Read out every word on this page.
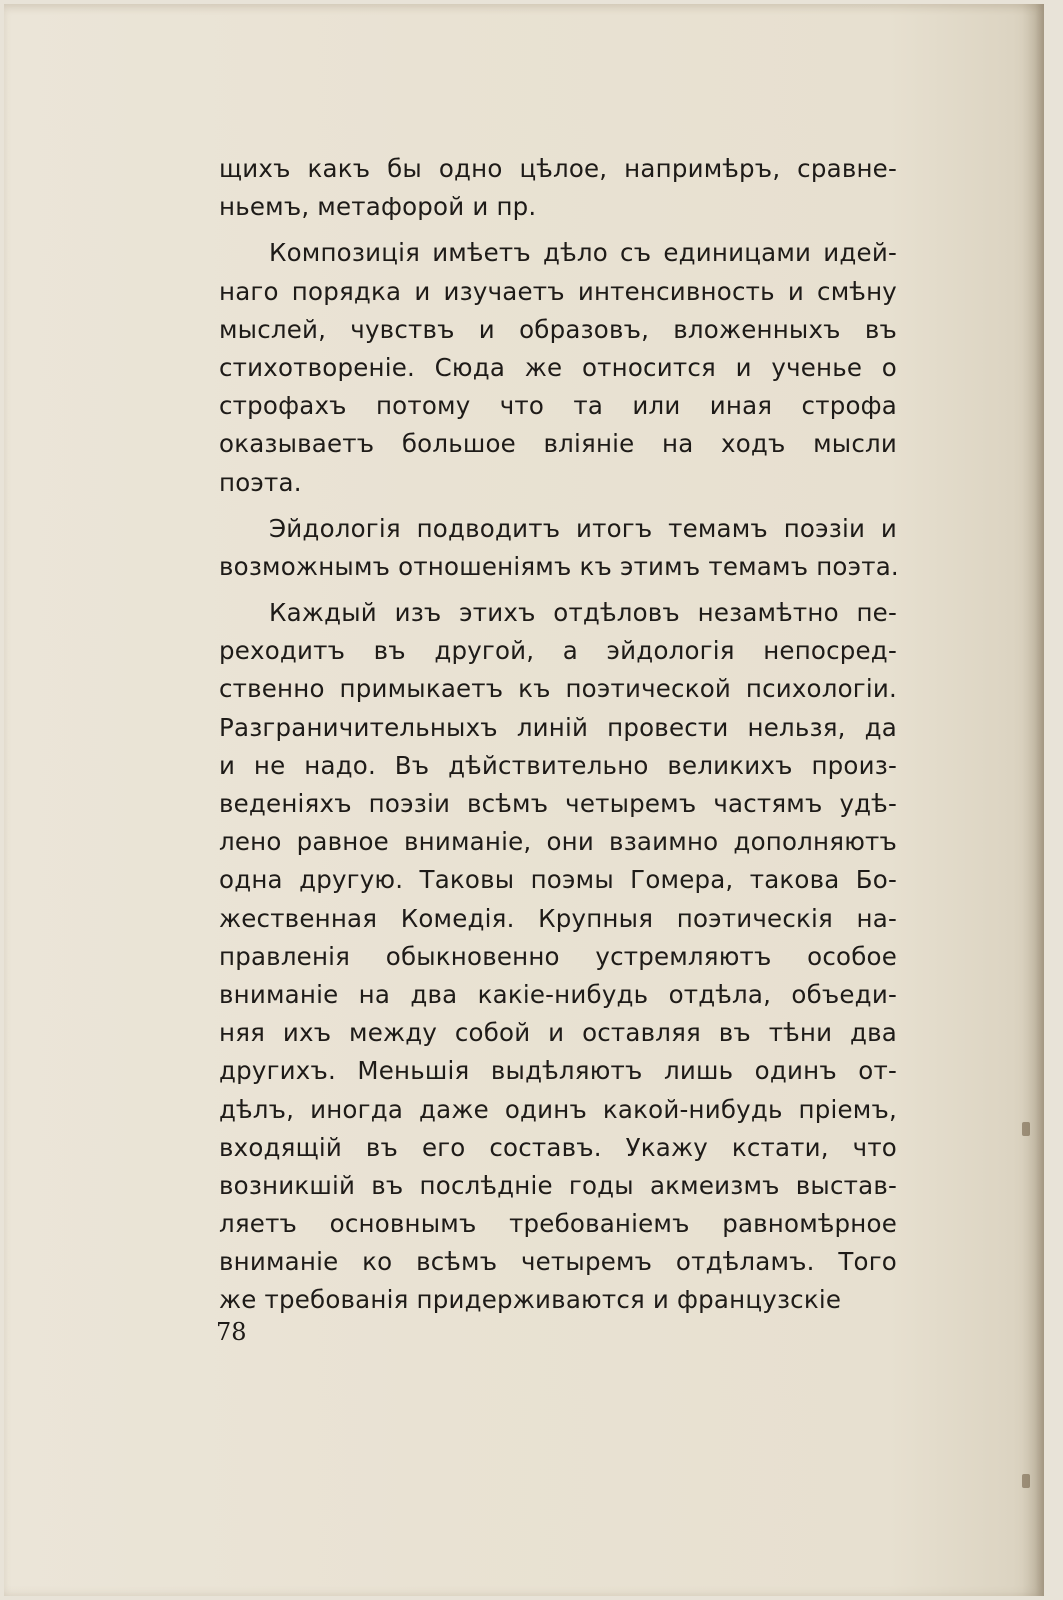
щихъ какъ бы одно цѣлое, напримѣръ, сравне-
ньемъ, метафорой и пр.
Композиція имѣетъ дѣло съ единицами идей-
наго порядка и изучаетъ интенсивность и смѣну
мыслей, чувствъ и образовъ, вложенныхъ въ
стихотвореніе. Сюда же относится и ученье о
строфахъ потому что та или иная строфа
оказываетъ большое вліяніе на ходъ мысли
поэта.
Эйдологія подводитъ итогъ темамъ поэзіи и
возможнымъ отношеніямъ къ этимъ темамъ поэта.
Каждый изъ этихъ отдѣловъ незамѣтно пе-
реходитъ въ другой, а эйдологія непосред-
ственно примыкаетъ къ поэтической психологіи.
Разграничительныхъ линій провести нельзя, да
и не надо. Въ дѣйствительно великихъ произ-
веденіяхъ поэзіи всѣмъ четыремъ частямъ удѣ-
лено равное вниманіе, они взаимно дополняютъ
одна другую. Таковы поэмы Гомера, такова Бо-
жественная Комедія. Крупныя поэтическія на-
правленія обыкновенно устремляютъ особое
вниманіе на два какіе-нибудь отдѣла, объеди-
няя ихъ между собой и оставляя въ тѣни два
другихъ. Меньшія выдѣляютъ лишь одинъ от-
дѣлъ, иногда даже одинъ какой-нибудь пріемъ,
входящій въ его составъ. Укажу кстати, что
возникшій въ послѣдніе годы акмеизмъ выстав-
ляетъ основнымъ требованіемъ равномѣрное
вниманіе ко всѣмъ четыремъ отдѣламъ. Того
же требованія придерживаются и французскіе
78
